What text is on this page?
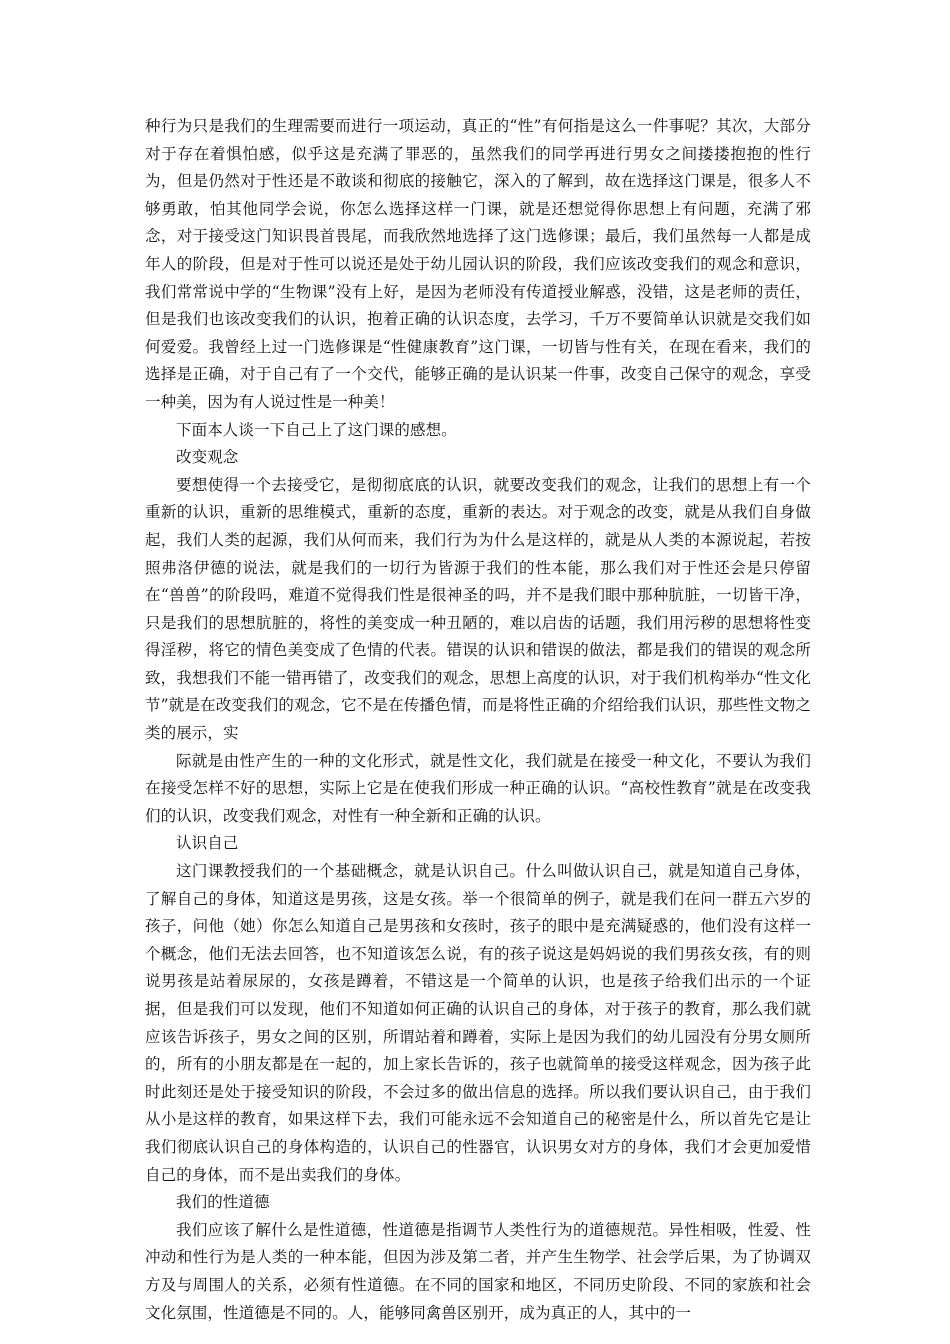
种行为只是我们的生理需要而进行一项运动，真正的“性”有何指是这么一件事呢？其次，大部分对于存在着惧怕感，似乎这是充满了罪恶的，虽然我们的同学再进行男女之间搂搂抱抱的性行为，但是仍然对于性还是不敢谈和彻底的接触它，深入的了解到，故在选择这门课是，很多人不够勇敢，怕其他同学会说，你怎么选择这样一门课，就是还想觉得你思想上有问题，充满了邪念，对于接受这门知识畏首畏尾，而我欣然地选择了这门选修课；最后，我们虽然每一人都是成年人的阶段，但是对于性可以说还是处于幼儿园认识的阶段，我们应该改变我们的观念和意识，我们常常说中学的“生物课”没有上好，是因为老师没有传道授业解惑，没错，这是老师的责任，但是我们也该改变我们的认识，抱着正确的认识态度，去学习，千万不要简单认识就是交我们如何爱爱。我曾经上过一门选修课是“性健康教育”这门课，一切皆与性有关，在现在看来，我们的选择是正确，对于自己有了一个交代，能够正确的是认识某一件事，改变自己保守的观念，享受一种美，因为有人说过性是一种美！

下面本人谈一下自己上了这门课的感想。

改变观念

要想使得一个去接受它，是彻彻底底的认识，就要改变我们的观念，让我们的思想上有一个重新的认识，重新的思维模式，重新的态度，重新的表达。对于观念的改变，就是从我们自身做起，我们人类的起源，我们从何而来，我们行为为什么是这样的，就是从人类的本源说起，若按照弗洛伊德的说法，就是我们的一切行为皆源于我们的性本能，那么我们对于性还会是只停留在“兽兽”的阶段吗，难道不觉得我们性是很神圣的吗，并不是我们眼中那种肮脏，一切皆干净，只是我们的思想肮脏的，将性的美变成一种丑陋的，难以启齿的话题，我们用污秽的思想将性变得淫秽，将它的情色美变成了色情的代表。错误的认识和错误的做法，都是我们的错误的观念所致，我想我们不能一错再错了，改变我们的观念，思想上高度的认识，对于我们机构举办“性文化节”就是在改变我们的观念，它不是在传播色情，而是将性正确的介绍给我们认识，那些性文物之类的展示，实

际就是由性产生的一种的文化形式，就是性文化，我们就是在接受一种文化，不要认为我们在接受怎样不好的思想，实际上它是在使我们形成一种正确的认识。“高校性教育”就是在改变我们的认识，改变我们观念，对性有一种全新和正确的认识。

认识自己

这门课教授我们的一个基础概念，就是认识自己。什么叫做认识自己，就是知道自己身体，了解自己的身体，知道这是男孩，这是女孩。举一个很简单的例子，就是我们在问一群五六岁的孩子，问他（她）你怎么知道自己是男孩和女孩时，孩子的眼中是充满疑惑的，他们没有这样一个概念，他们无法去回答，也不知道该怎么说，有的孩子说这是妈妈说的我们男孩女孩，有的则说男孩是站着尿尿的，女孩是蹲着，不错这是一个简单的认识，也是孩子给我们出示的一个证据，但是我们可以发现，他们不知道如何正确的认识自己的身体，对于孩子的教育，那么我们就应该告诉孩子，男女之间的区别，所谓站着和蹲着，实际上是因为我们的幼儿园没有分男女厕所的，所有的小朋友都是在一起的，加上家长告诉的，孩子也就简单的接受这样观念，因为孩子此时此刻还是处于接受知识的阶段，不会过多的做出信息的选择。所以我们要认识自己，由于我们从小是这样的教育，如果这样下去，我们可能永远不会知道自己的秘密是什么，所以首先它是让我们彻底认识自己的身体构造的，认识自己的性器官，认识男女对方的身体，我们才会更加爱惜自己的身体，而不是出卖我们的身体。

我们的性道德

我们应该了解什么是性道德，性道德是指调节人类性行为的道德规范。异性相吸，性爱、性冲动和性行为是人类的一种本能，但因为涉及第二者，并产生生物学、社会学后果，为了协调双方及与周围人的关系，必须有性道德。在不同的国家和地区，不同历史阶段、不同的家族和社会文化氛围，性道德是不同的。人，能够同禽兽区别开，成为真正的人，其中的一
